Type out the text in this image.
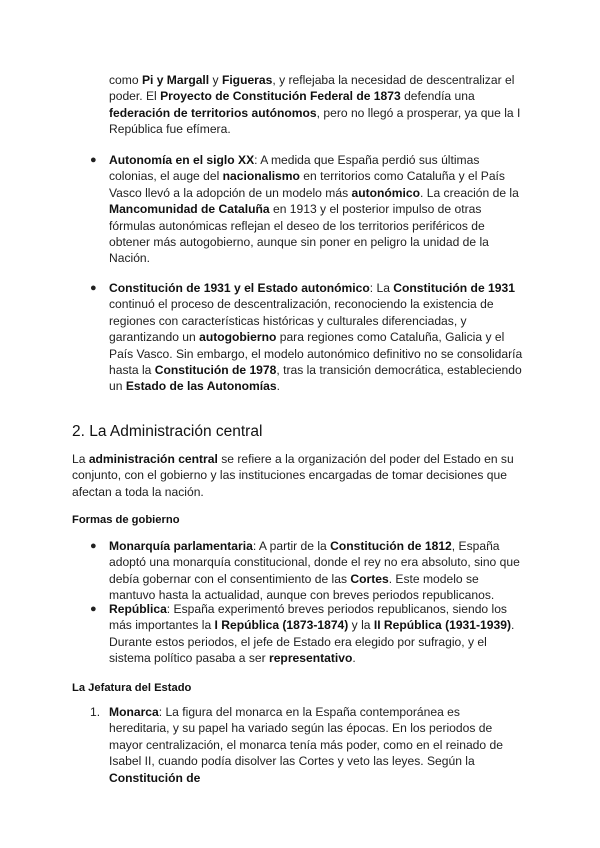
como Pi y Margall y Figueras, y reflejaba la necesidad de descentralizar el poder. El Proyecto de Constitución Federal de 1873 defendía una federación de territorios autónomos, pero no llegó a prosperar, ya que la I República fue efímera.
● Autonomía en el siglo XX: A medida que España perdió sus últimas colonias, el auge del nacionalismo en territorios como Cataluña y el País Vasco llevó a la adopción de un modelo más autonómico. La creación de la Mancomunidad de Cataluña en 1913 y el posterior impulso de otras fórmulas autonómicas reflejan el deseo de los territorios periféricos de obtener más autogobierno, aunque sin poner en peligro la unidad de la Nación.
● Constitución de 1931 y el Estado autonómico: La Constitución de 1931 continuó el proceso de descentralización, reconociendo la existencia de regiones con características históricas y culturales diferenciadas, y garantizando un autogobierno para regiones como Cataluña, Galicia y el País Vasco. Sin embargo, el modelo autonómico definitivo no se consolidaría hasta la Constitución de 1978, tras la transición democrática, estableciendo un Estado de las Autonomías.
2. La Administración central
La administración central se refiere a la organización del poder del Estado en su conjunto, con el gobierno y las instituciones encargadas de tomar decisiones que afectan a toda la nación.
Formas de gobierno
● Monarquía parlamentaria: A partir de la Constitución de 1812, España adoptó una monarquía constitucional, donde el rey no era absoluto, sino que debía gobernar con el consentimiento de las Cortes. Este modelo se mantuvo hasta la actualidad, aunque con breves periodos republicanos.
● República: España experimentó breves periodos republicanos, siendo los más importantes la I República (1873-1874) y la II República (1931-1939). Durante estos periodos, el jefe de Estado era elegido por sufragio, y el sistema político pasaba a ser representativo.
La Jefatura del Estado
1. Monarca: La figura del monarca en la España contemporánea es hereditaria, y su papel ha variado según las épocas. En los periodos de mayor centralización, el monarca tenía más poder, como en el reinado de Isabel II, cuando podía disolver las Cortes y veto las leyes. Según la Constitución de
